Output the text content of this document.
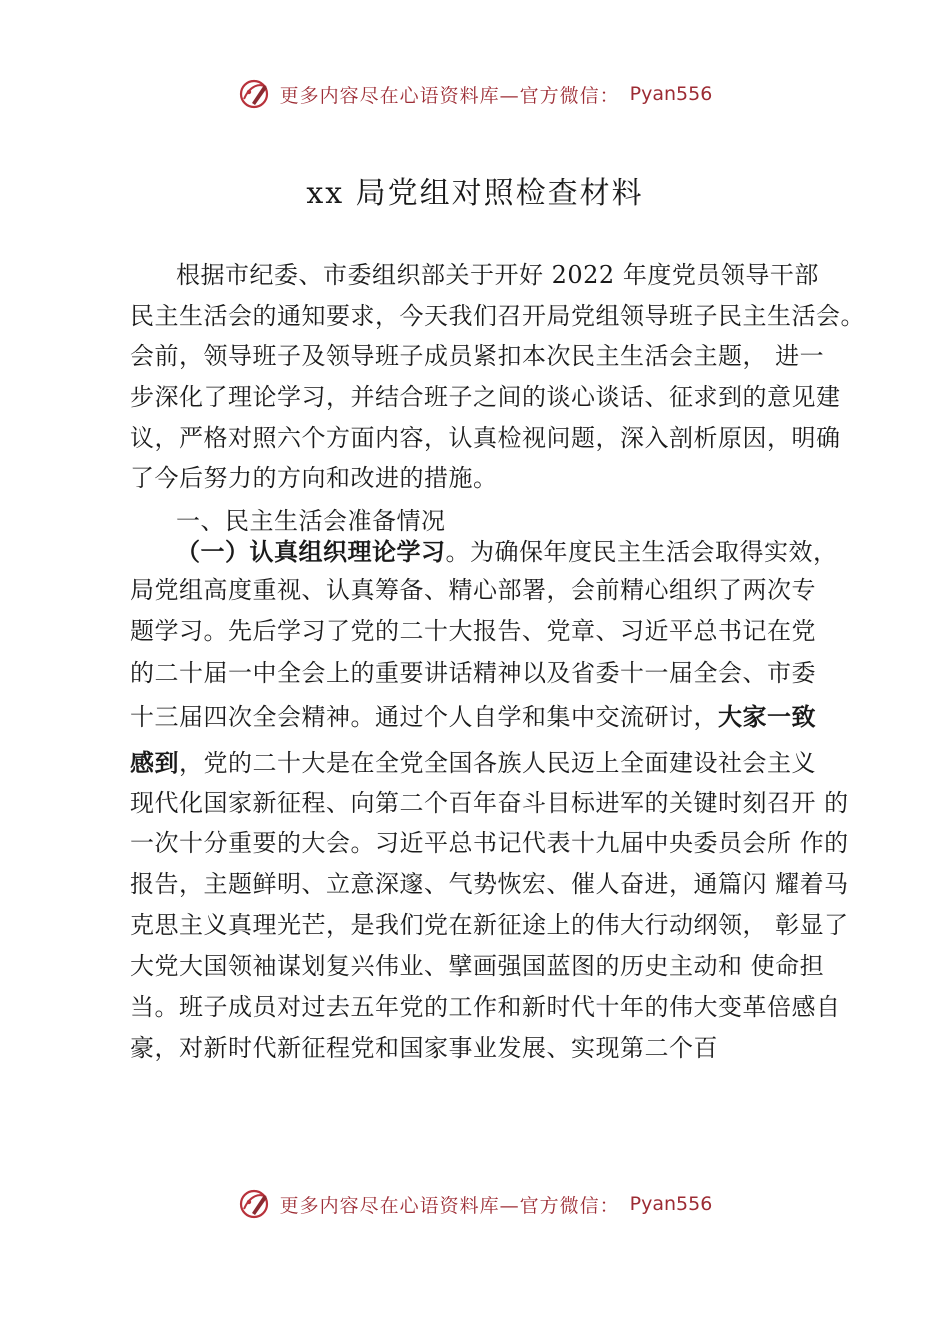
更多内容尽在心语资料库—官方微信： Pyan556
xx 局党组对照检查材料
根据市纪委、市委组织部关于开好 2022 年度党员领导干部
民主生活会的通知要求，今天我们召开局党组领导班子民主生活会。
会前，领导班子及领导班子成员紧扣本次民主生活会主题， 进一
步深化了理论学习，并结合班子之间的谈心谈话、征求到的意见建
议，严格对照六个方面内容，认真检视问题，深入剖析原因，明确
了今后努力的方向和改进的措施。
一、民主生活会准备情况
（一）认真组织理论学习。为确保年度民主生活会取得实效，
局党组高度重视、认真筹备、精心部署，会前精心组织了两次专
题学习。先后学习了党的二十大报告、党章、习近平总书记在党
的二十届一中全会上的重要讲话精神以及省委十一届全会、市委
十三届四次全会精神。通过个人自学和集中交流研讨，大家一致
感到，党的二十大是在全党全国各族人民迈上全面建设社会主义
现代化国家新征程、向第二个百年奋斗目标进军的关键时刻召开 的
一次十分重要的大会。习近平总书记代表十九届中央委员会所 作的
报告，主题鲜明、立意深邃、气势恢宏、催人奋进，通篇闪 耀着马
克思主义真理光芒，是我们党在新征途上的伟大行动纲领， 彰显了
大党大国领袖谋划复兴伟业、擘画强国蓝图的历史主动和 使命担
当。班子成员对过去五年党的工作和新时代十年的伟大变革倍感自
豪，对新时代新征程党和国家事业发展、实现第二个百
更多内容尽在心语资料库—官方微信： Pyan556
